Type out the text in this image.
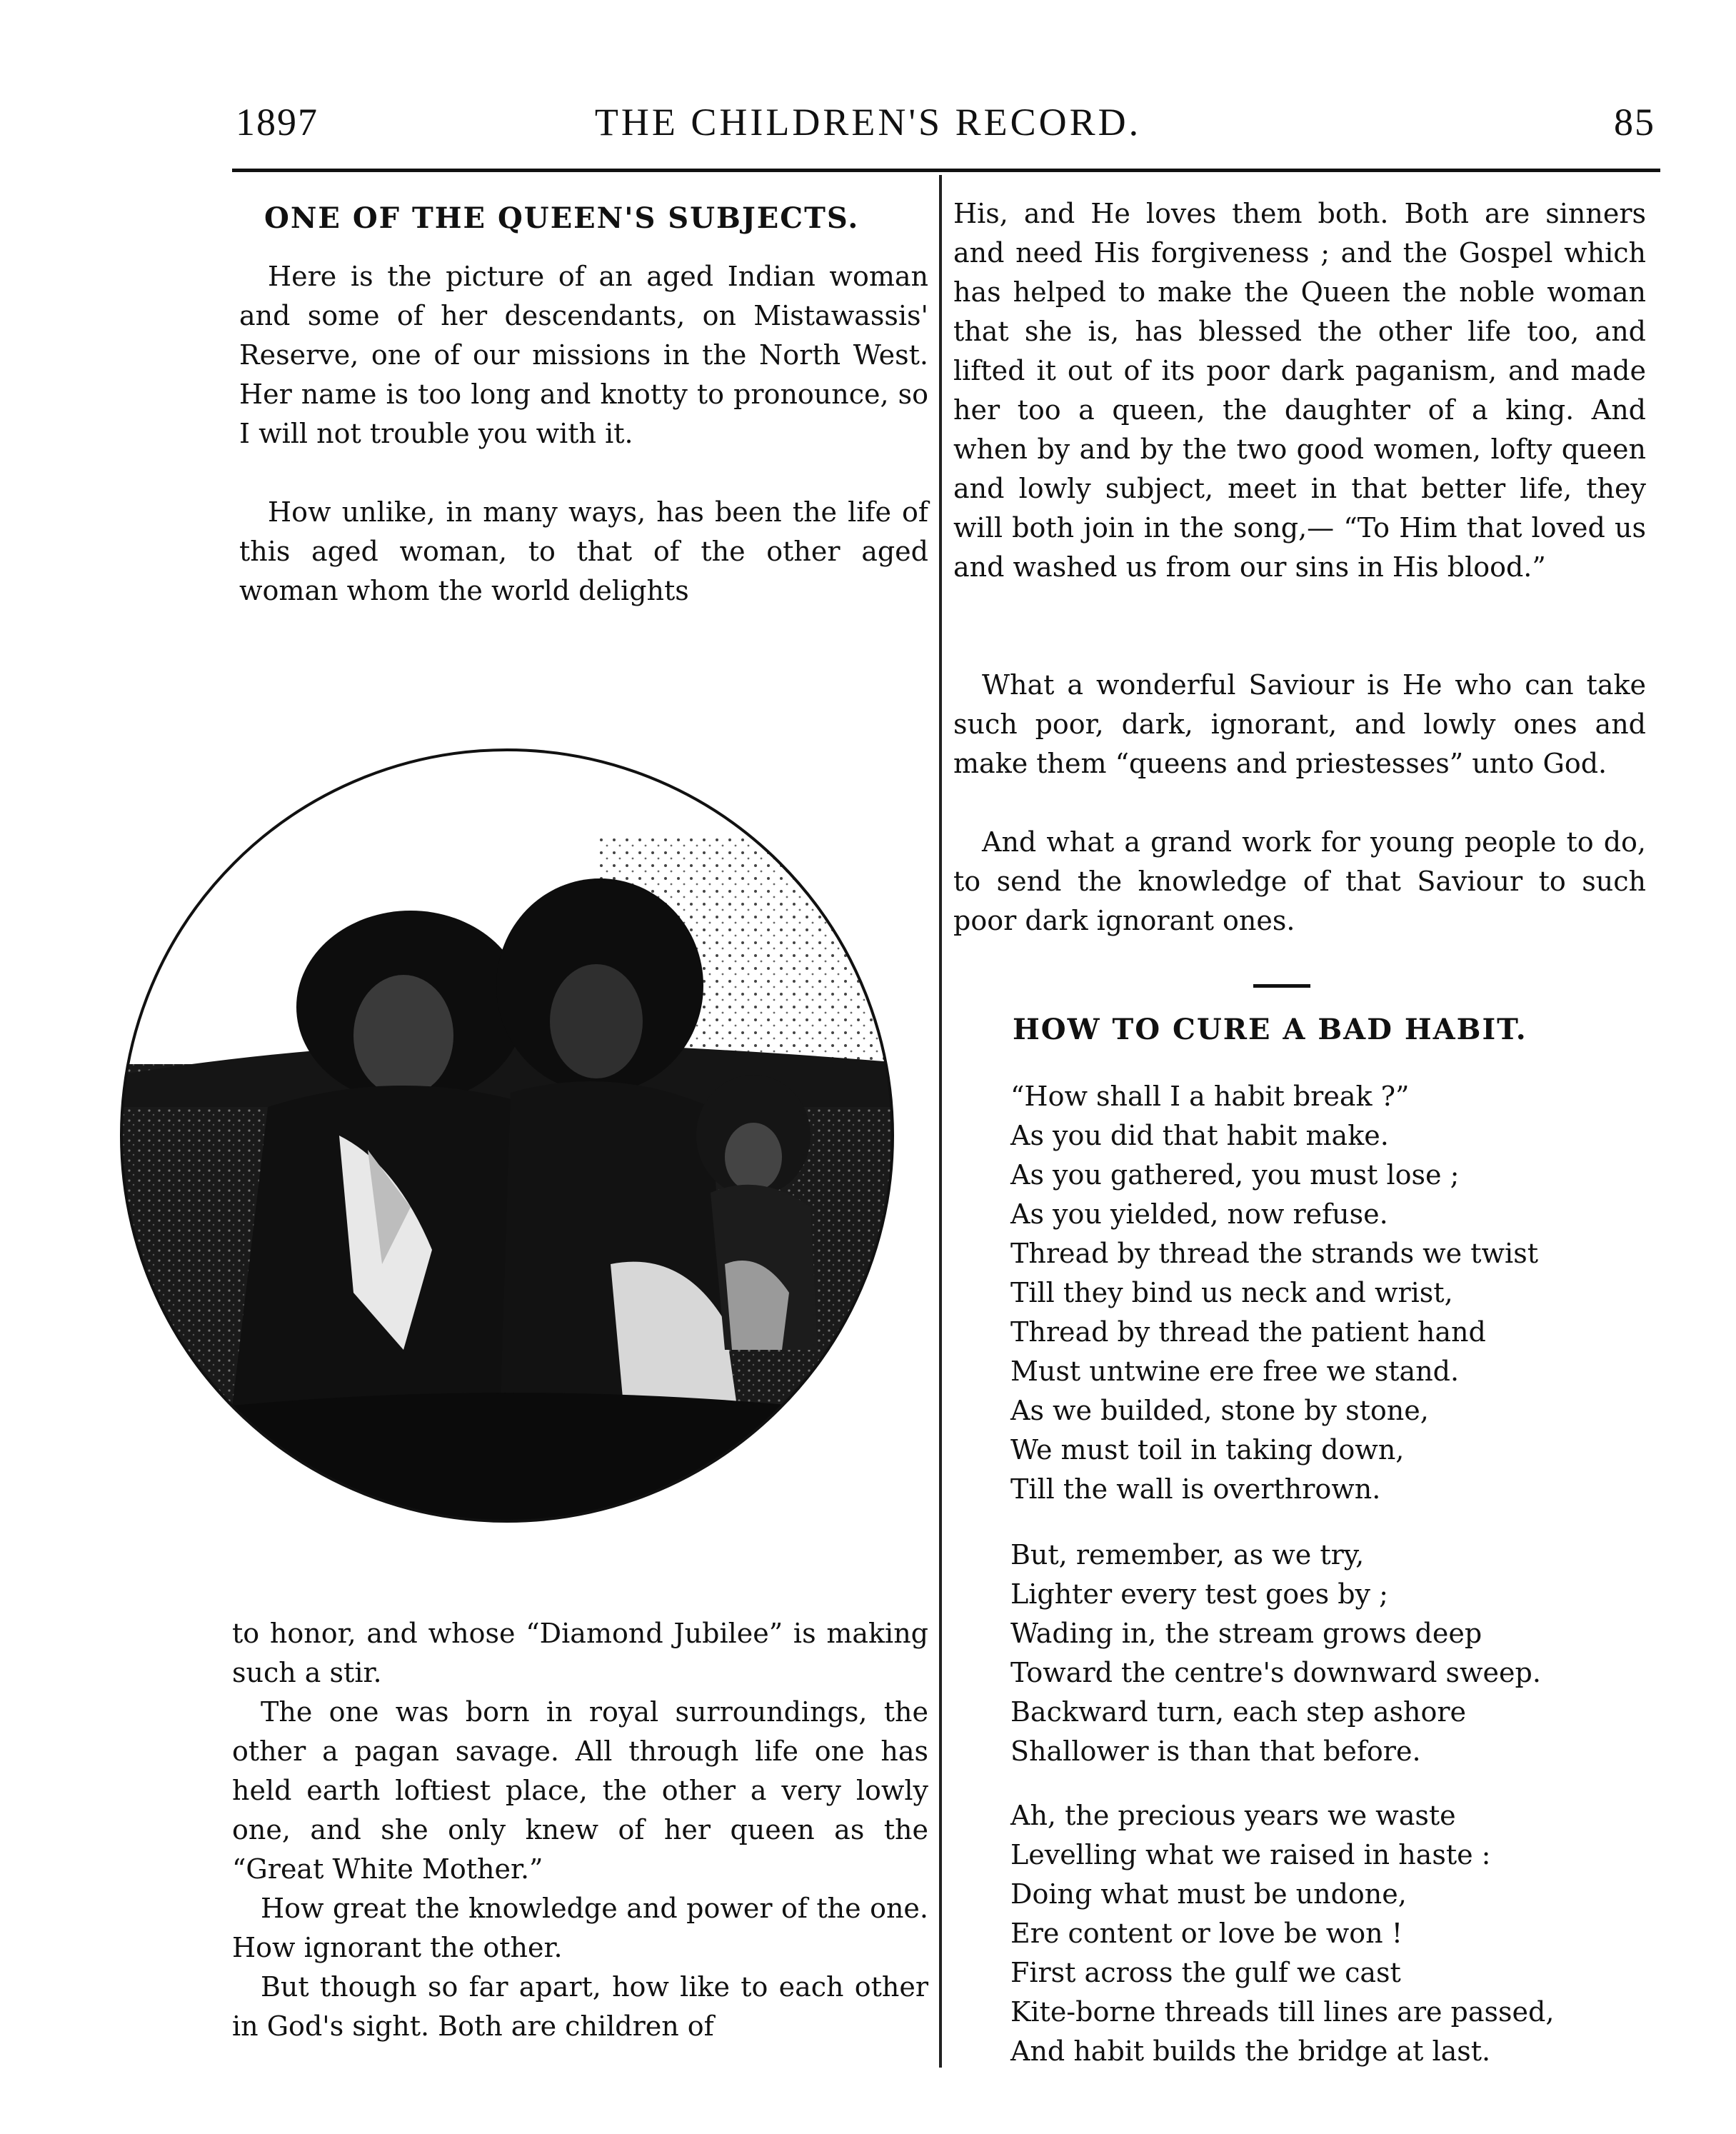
1897	THE CHILDREN'S RECORD.	85
ONE OF THE QUEEN'S SUBJECTS.

Here is the picture of an aged Indian woman and some of her descendants, on Mistawassis' Reserve, one of our missions in the North West. Her name is too long and knotty to pronounce, so I will not trouble you with it.

How unlike, in many ways, has been the life of this aged woman, to that of the other aged woman whom the world delights

to honor, and whose “Diamond Jubilee” is making such a stir.

The one was born in royal surroundings, the other a pagan savage. All through life one has held earth loftiest place, the other a very lowly one, and she only knew of her queen as the “Great White Mother.”

How great the knowledge and power of the one. How ignorant the other.

But though so far apart, how like to each other in God's sight. Both are children of

His, and He loves them both. Both are sinners and need His forgiveness ; and the Gospel which has helped to make the Queen the noble woman that she is, has blessed the other life too, and lifted it out of its poor dark paganism, and made her too a queen, the daughter of a king. And when by and by the two good women, lofty queen and lowly subject, meet in that better life, they will both join in the song,— “To Him that loved us and washed us from our sins in His blood.”

What a wonderful Saviour is He who can take such poor, dark, ignorant, and lowly ones and make them “queens and priestesses” unto God.

And what a grand work for young people to do, to send the knowledge of that Saviour to such poor dark ignorant ones.

HOW TO CURE A BAD HABIT.
“How shall I a habit break ?”
As you did that habit make.
As you gathered, you must lose ;
As you yielded, now refuse.
Thread by thread the strands we twist
Till they bind us neck and wrist,
Thread by thread the patient hand
Must untwine ere free we stand.
As we builded, stone by stone,
We must toil in taking down,
Till the wall is overthrown.
But, remember, as we try,
Lighter every test goes by ;
Wading in, the stream grows deep
Toward the centre's downward sweep.
Backward turn, each step ashore
Shallower is than that before.
Ah, the precious years we waste
Levelling what we raised in haste :
Doing what must be undone,
Ere content or love be won !
First across the gulf we cast
Kite-borne threads till lines are passed,
And habit builds the bridge at last.
